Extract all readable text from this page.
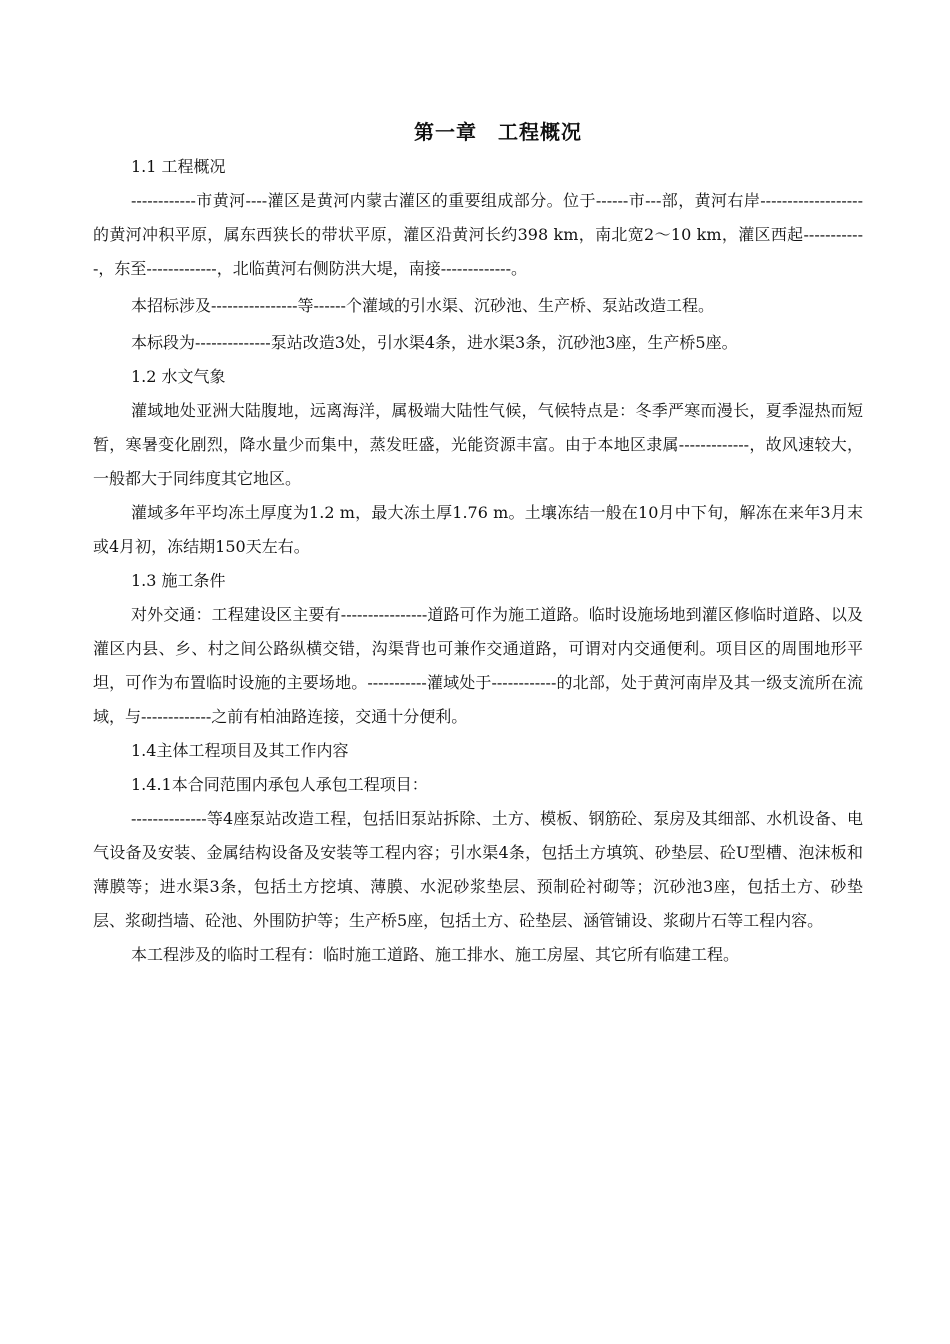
第一章　工程概况

1.1 工程概况

------------市黄河----灌区是黄河内蒙古灌区的重要组成部分。位于------市---部，黄河右岸-------------------的黄河冲积平原，属东西狭长的带状平原，灌区沿黄河长约398 km，南北宽2～10 km，灌区西起------------，东至-------------，北临黄河右侧防洪大堤，南接-------------。

本招标涉及----------------等------个灌域的引水渠、沉砂池、生产桥、泵站改造工程。

本标段为--------------泵站改造3处，引水渠4条，进水渠3条，沉砂池3座，生产桥5座。

1.2 水文气象

灌域地处亚洲大陆腹地，远离海洋，属极端大陆性气候，气候特点是：冬季严寒而漫长，夏季湿热而短暂，寒暑变化剧烈，降水量少而集中，蒸发旺盛，光能资源丰富。由于本地区隶属-------------，故风速较大，一般都大于同纬度其它地区。

灌域多年平均冻土厚度为1.2 m，最大冻土厚1.76 m。土壤冻结一般在10月中下旬，解冻在来年3月末或4月初，冻结期150天左右。

1.3 施工条件

对外交通：工程建设区主要有----------------道路可作为施工道路。临时设施场地到灌区修临时道路、以及灌区内县、乡、村之间公路纵横交错，沟渠背也可兼作交通道路，可谓对内交通便利。项目区的周围地形平坦，可作为布置临时设施的主要场地。-----------灌域处于------------的北部，处于黄河南岸及其一级支流所在流域，与-------------之前有柏油路连接，交通十分便利。

1.4主体工程项目及其工作内容

1.4.1本合同范围内承包人承包工程项目：

--------------等4座泵站改造工程，包括旧泵站拆除、土方、模板、钢筋砼、泵房及其细部、水机设备、电气设备及安装、金属结构设备及安装等工程内容；引水渠4条，包括土方填筑、砂垫层、砼U型槽、泡沫板和薄膜等；进水渠3条，包括土方挖填、薄膜、水泥砂浆垫层、预制砼衬砌等；沉砂池3座，包括土方、砂垫层、浆砌挡墙、砼池、外围防护等；生产桥5座，包括土方、砼垫层、涵管铺设、浆砌片石等工程内容。

本工程涉及的临时工程有：临时施工道路、施工排水、施工房屋、其它所有临建工程。
